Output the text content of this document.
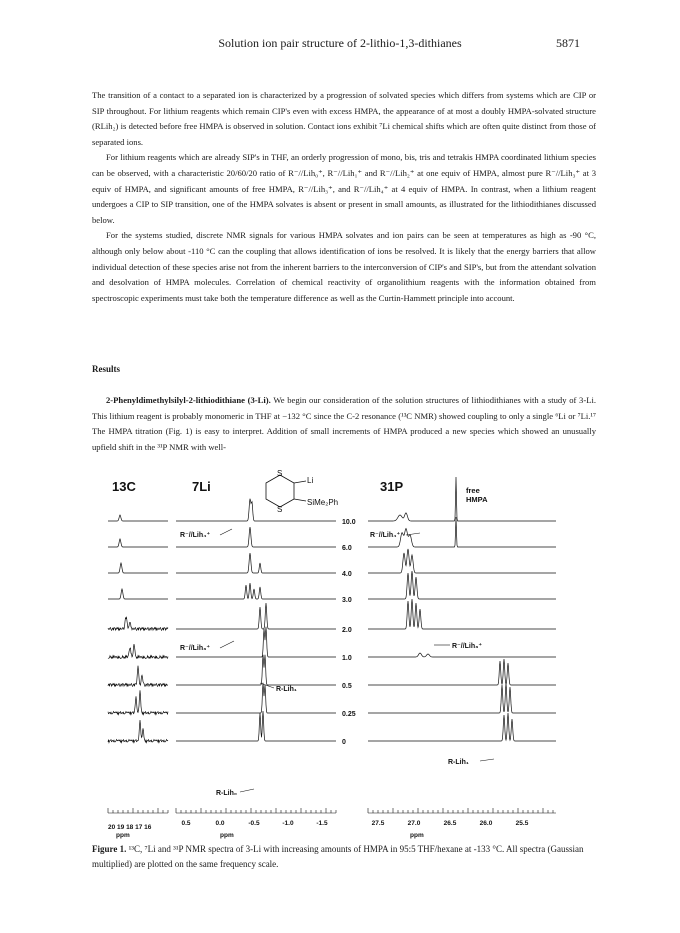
Solution ion pair structure of 2-lithio-1,3-dithianes	5871

The transition of a contact to a separated ion is characterized by a progression of solvated species which differs from systems which are CIP or SIP throughout. For lithium reagents which remain CIP's even with excess HMPA, the appearance of at most a doubly HMPA-solvated structure (RLih₂) is detected before free HMPA is observed in solution. Contact ions exhibit ⁷Li chemical shifts which are often quite distinct from those of separated ions.

For lithium reagents which are already SIP's in THF, an orderly progression of mono, bis, tris and tetrakis HMPA coordinated lithium species can be observed, with a characteristic 20/60/20 ratio of R⁻//Lih₀⁺, R⁻//Lih₁⁺ and R⁻//Lih₂⁺ at one equiv of HMPA, almost pure R⁻//Lih₃⁺ at 3 equiv of HMPA, and significant amounts of free HMPA, R⁻//Lih₃⁺, and R⁻//Lih₄⁺ at 4 equiv of HMPA. In contrast, when a lithium reagent undergoes a CIP to SIP transition, one of the HMPA solvates is absent or present in small amounts, as illustrated for the lithiodithianes discussed below.

For the systems studied, discrete NMR signals for various HMPA solvates and ion pairs can be seen at temperatures as high as -90 °C, although only below about -110 °C can the coupling that allows identification of ions be resolved. It is likely that the energy barriers that allow individual detection of these species arise not from the inherent barriers to the interconversion of CIP's and SIP's, but from the attendant solvation and desolvation of HMPA molecules. Correlation of chemical reactivity of organolithium reagents with the information obtained from spectroscopic experiments must take both the temperature difference as well as the Curtin-Hammett principle into account.

Results

2-Phenyldimethylsilyl-2-lithiodithiane (3-Li). We begin our consideration of the solution structures of lithiodithianes with a study of 3-Li. This lithium reagent is probably monomeric in THF at −132 °C since the C-2 resonance (¹³C NMR) showed coupling to only a single ⁶Li or ⁷Li.¹⁷ The HMPA titration (Fig. 1) is easy to interpret. Addition of small increments of HMPA produced a new species which showed an unusually upfield shift in the ³¹P NMR with well-

13C	7Li	31P	free
HMPA
S
S
Li
SiMe₂Ph
10.0
6.0
4.0
3.0
2.0
1.0
0.5
0.25
0
R⁻//Lih₄⁺
R⁻//Lih₃⁺
R-Lih₁
R-Lih₀
R⁻//Lih₄⁺
R⁻//Lih₃⁺
R-Lih₁
20 19 18 17 16
ppm	ppm	ppm
0.5	0.0	-0.5	-1.0	-1.5	27.5	27.0	26.5	26.0	25.5
Figure 1. ¹³C, ⁷Li and ³¹P NMR spectra of 3-Li with increasing amounts of HMPA in 95:5 THF/hexane at -133 °C. All spectra (Gaussian multiplied) are plotted on the same frequency scale.
